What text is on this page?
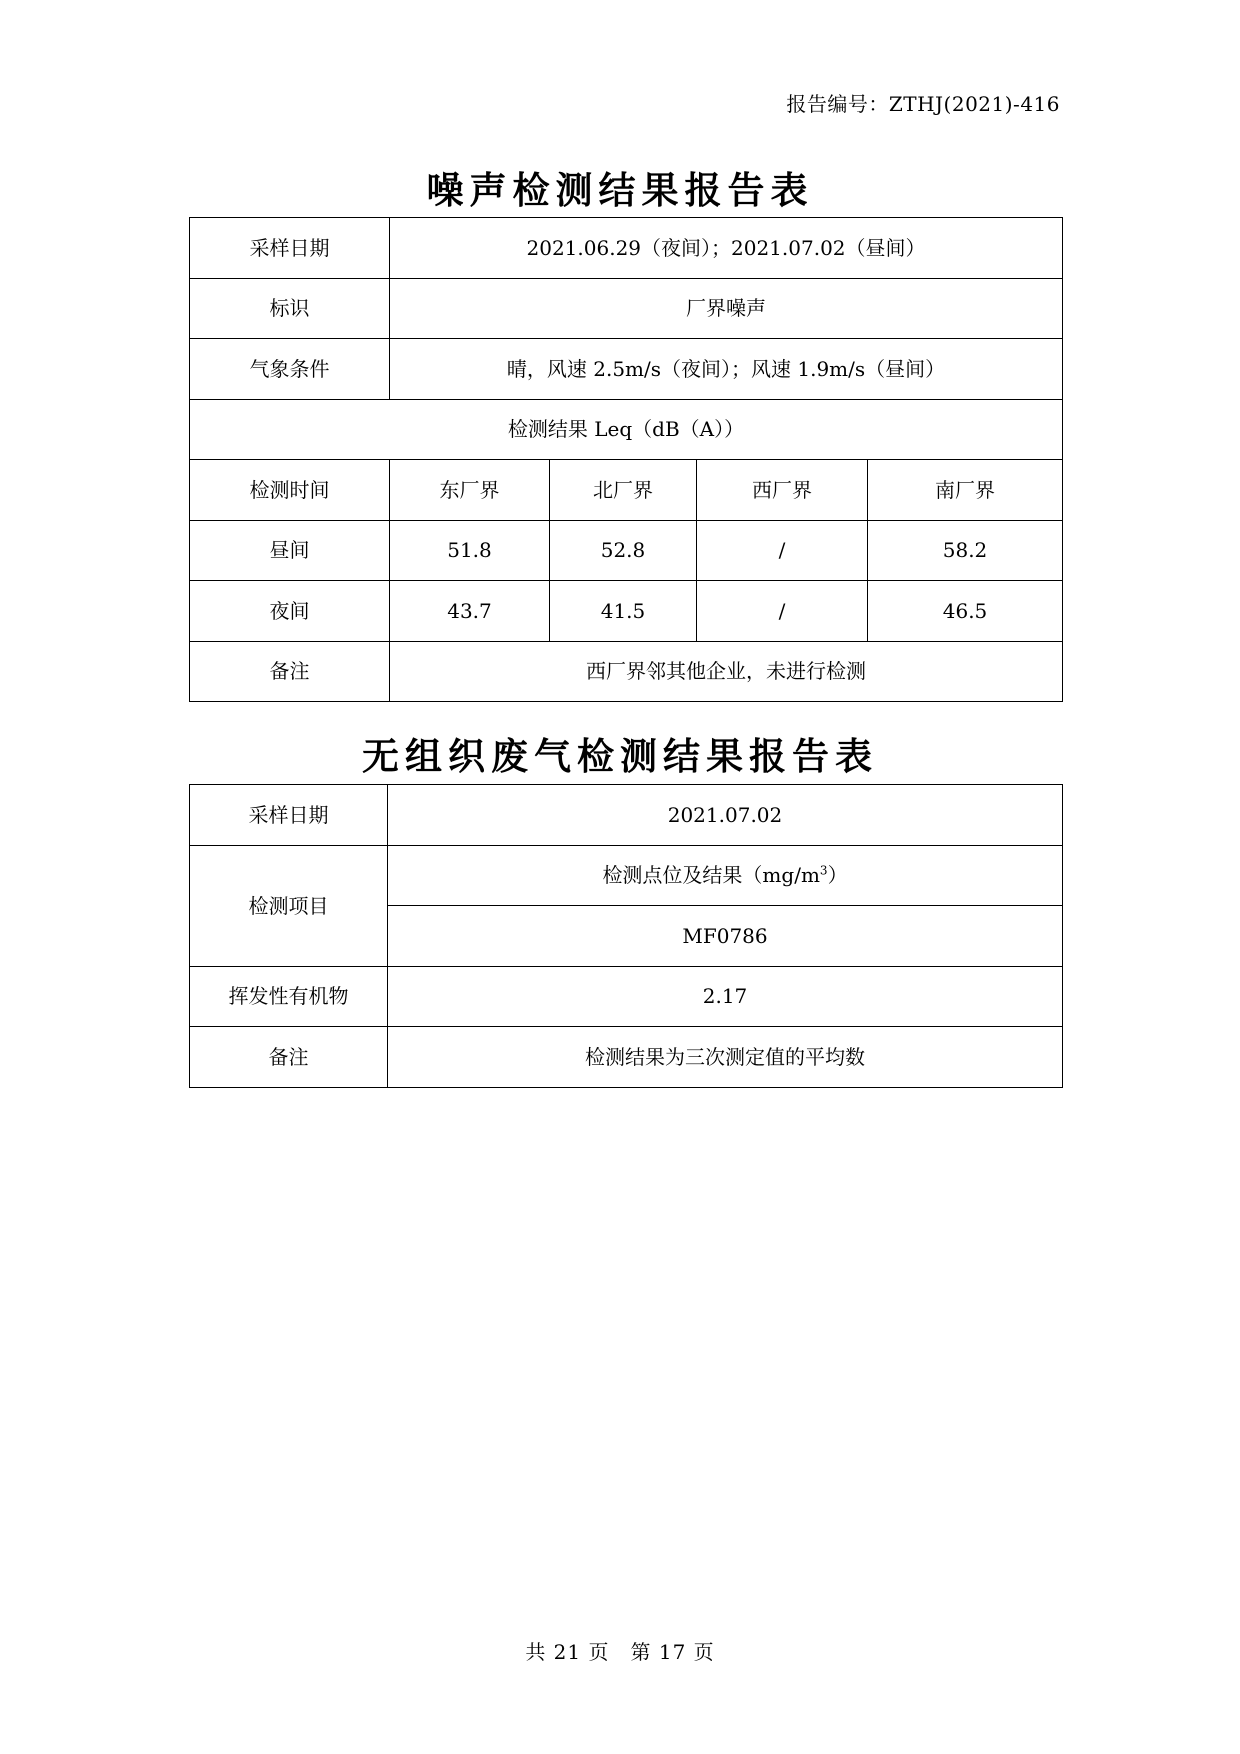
报告编号：ZTHJ(2021)-416
噪声检测结果报告表
采样日期	2021.06.29（夜间）；2021.07.02（昼间）			
标识	厂界噪声			
气象条件	晴，风速 2.5m/s（夜间）；风速 1.9m/s（昼间）			
检测结果 Leq（dB（A））				
检测时间	东厂界	北厂界	西厂界	南厂界
昼间	51.8	52.8	/	58.2
夜间	43.7	41.5	/	46.5
备注	西厂界邻其他企业，未进行检测			
无组织废气检测结果报告表
采样日期	2021.07.02
检测项目	检测点位及结果$(mg/m^3)$
	MF0786
挥发性有机物	2.17
备注	检测结果为三次测定值的平均数
共 21 页　第 17 页
